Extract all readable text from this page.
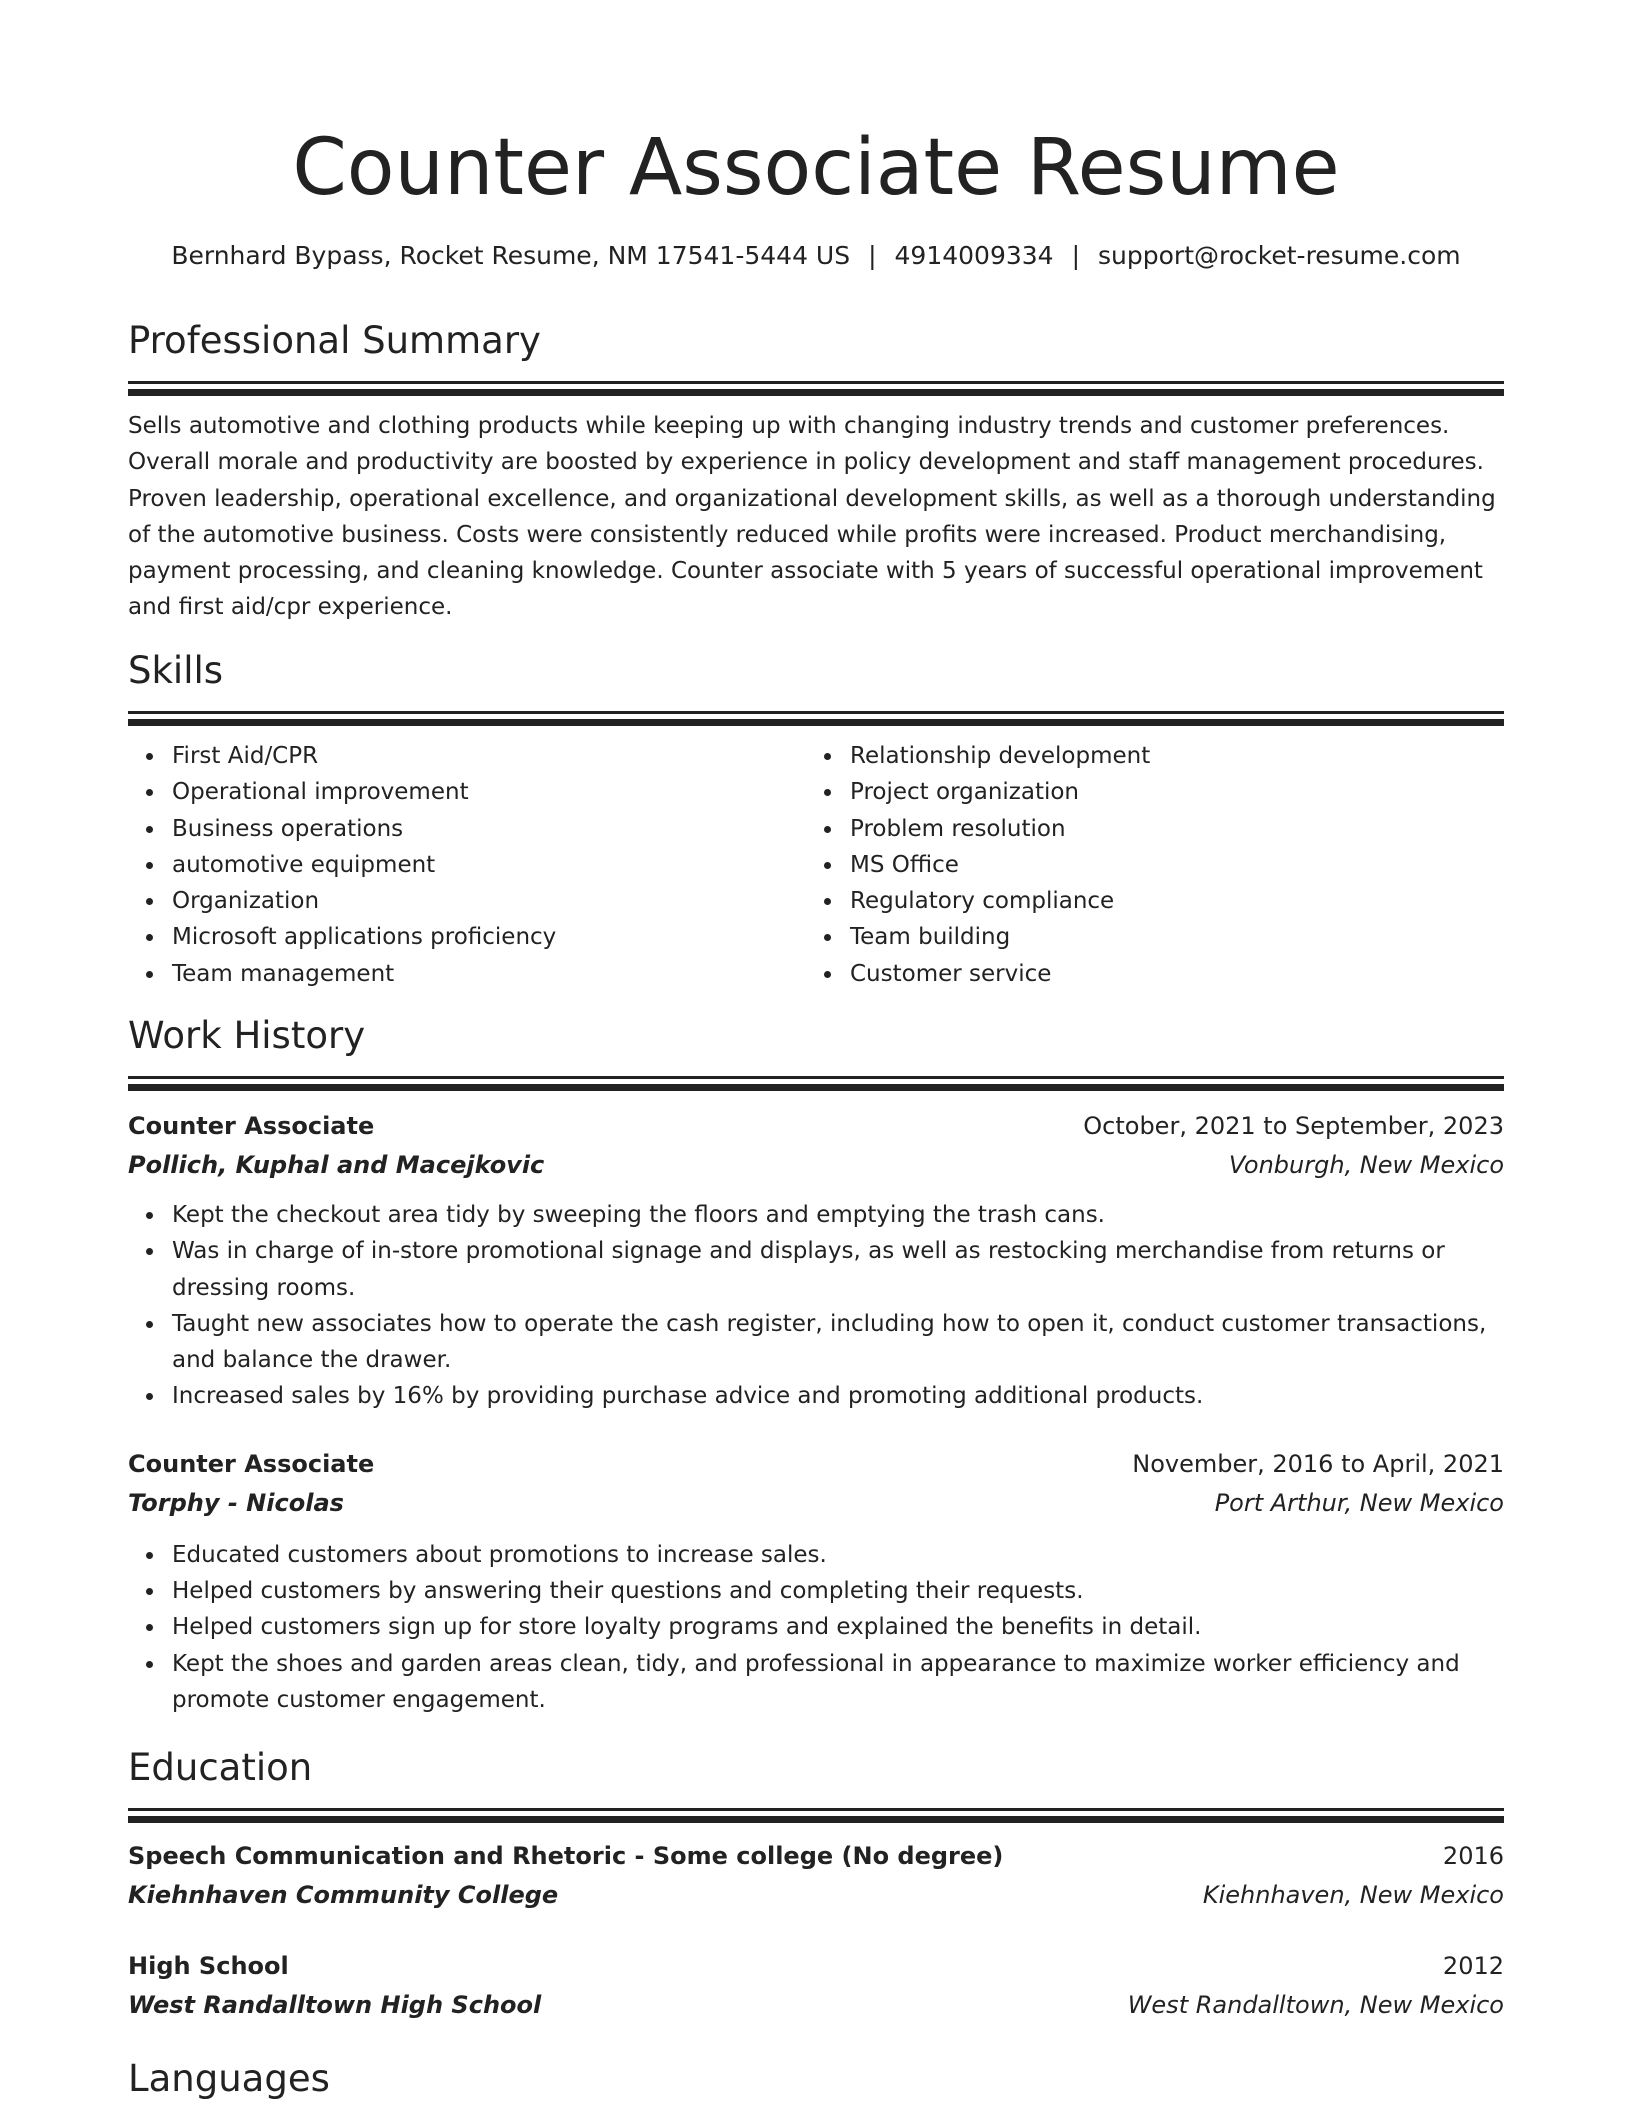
Counter Associate Resume
Bernhard Bypass, Rocket Resume, NM 17541-5444 US | 4914009334 | support@rocket-resume.com
Professional Summary
Sells automotive and clothing products while keeping up with changing industry trends and customer preferences. Overall morale and productivity are boosted by experience in policy development and staff management procedures. Proven leadership, operational excellence, and organizational development skills, as well as a thorough understanding of the automotive business. Costs were consistently reduced while profits were increased. Product merchandising, payment processing, and cleaning knowledge. Counter associate with 5 years of successful operational improvement and first aid/cpr experience.
Skills
First Aid/CPR
Operational improvement
Business operations
automotive equipment
Organization
Microsoft applications proficiency
Team management
Relationship development
Project organization
Problem resolution
MS Office
Regulatory compliance
Team building
Customer service
Work History
Counter Associate	October, 2021 to September, 2023
Pollich, Kuphal and Macejkovic	Vonburgh, New Mexico
Kept the checkout area tidy by sweeping the floors and emptying the trash cans.
Was in charge of in-store promotional signage and displays, as well as restocking merchandise from returns or dressing rooms.
Taught new associates how to operate the cash register, including how to open it, conduct customer transactions, and balance the drawer.
Increased sales by 16% by providing purchase advice and promoting additional products.
Counter Associate	November, 2016 to April, 2021
Torphy - Nicolas	Port Arthur, New Mexico
Educated customers about promotions to increase sales.
Helped customers by answering their questions and completing their requests.
Helped customers sign up for store loyalty programs and explained the benefits in detail.
Kept the shoes and garden areas clean, tidy, and professional in appearance to maximize worker efficiency and promote customer engagement.
Education
Speech Communication and Rhetoric - Some college (No degree)	2016
Kiehnhaven Community College	Kiehnhaven, New Mexico
High School	2012
West Randalltown High School	West Randalltown, New Mexico
Languages
